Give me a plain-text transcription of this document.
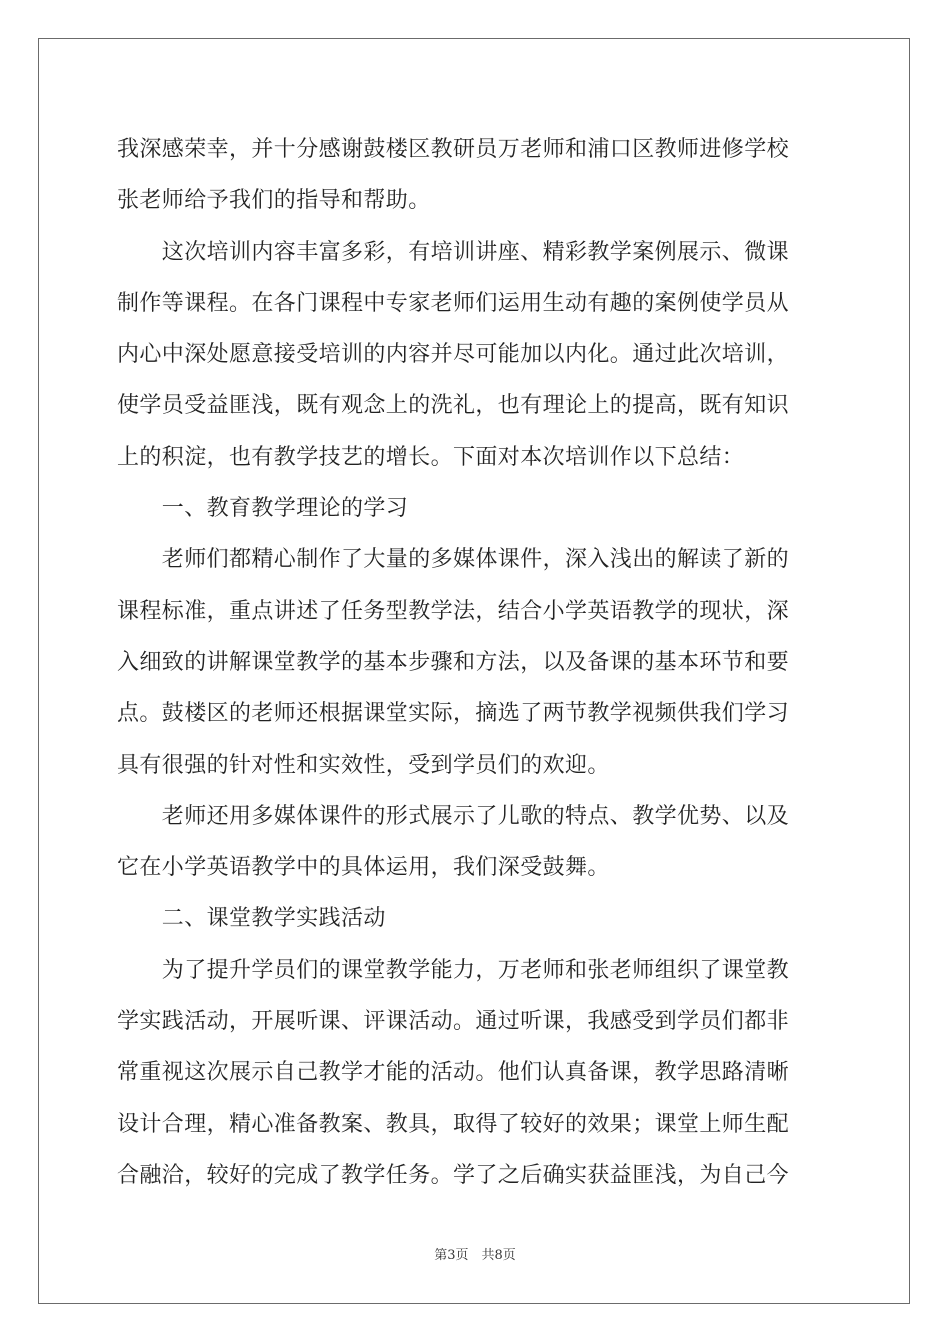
我深感荣幸，并十分感谢鼓楼区教研员万老师和浦口区教师进修学校
张老师给予我们的指导和帮助。
　　这次培训内容丰富多彩，有培训讲座、精彩教学案例展示、微课
制作等课程。在各门课程中专家老师们运用生动有趣的案例使学员从
内心中深处愿意接受培训的内容并尽可能加以内化。通过此次培训，
使学员受益匪浅，既有观念上的洗礼，也有理论上的提高，既有知识
上的积淀，也有教学技艺的增长。下面对本次培训作以下总结：
　　一、教育教学理论的学习
　　老师们都精心制作了大量的多媒体课件，深入浅出的解读了新的
课程标准，重点讲述了任务型教学法，结合小学英语教学的现状，深
入细致的讲解课堂教学的基本步骤和方法，以及备课的基本环节和要
点。鼓楼区的老师还根据课堂实际，摘选了两节教学视频供我们学习
具有很强的针对性和实效性，受到学员们的欢迎。
　　老师还用多媒体课件的形式展示了儿歌的特点、教学优势、以及
它在小学英语教学中的具体运用，我们深受鼓舞。
　　二、课堂教学实践活动
　　为了提升学员们的课堂教学能力，万老师和张老师组织了课堂教
学实践活动，开展听课、评课活动。通过听课，我感受到学员们都非
常重视这次展示自己教学才能的活动。他们认真备课，教学思路清晰
设计合理，精心准备教案、教具，取得了较好的效果；课堂上师生配
合融洽，较好的完成了教学任务。学了之后确实获益匪浅，为自己今
第3页　共8页
